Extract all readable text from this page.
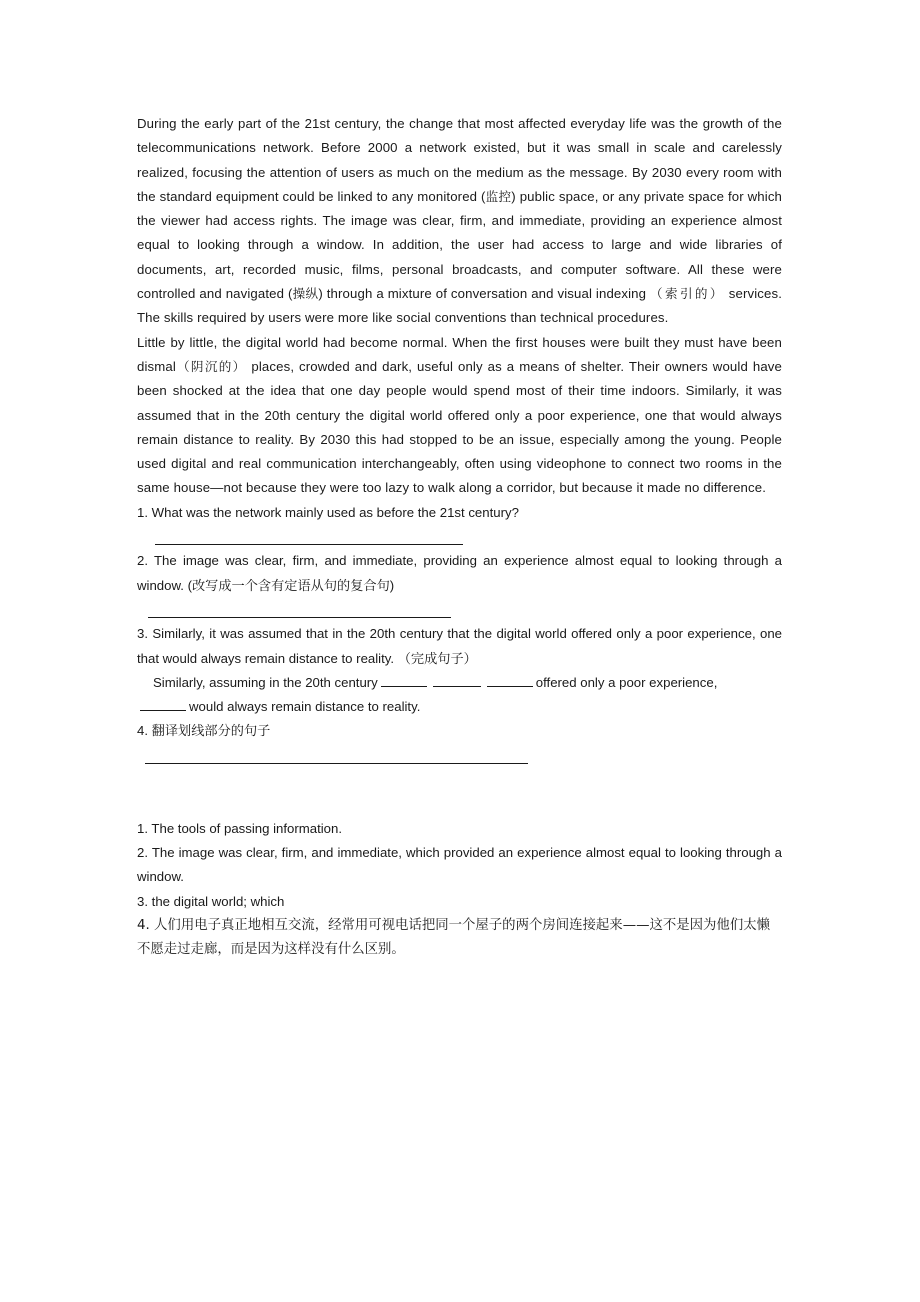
During the early part of the 21st century, the change that most affected everyday life was the growth of the telecommunications network. Before 2000 a network existed, but it was small in scale and carelessly realized, focusing the attention of users as much on the medium as the message. By 2030 every room with the standard equipment could be linked to any monitored (监控) public space, or any private space for which the viewer had access rights. The image was clear, firm, and immediate, providing an experience almost equal to looking through a window. In addition, the user had access to large and wide libraries of documents, art, recorded music, films, personal broadcasts, and computer software. All these were controlled and navigated (操纵) through a mixture of conversation and visual indexing （索引的） services. The skills required by users were more like social conventions than technical procedures.

Little by little, the digital world had become normal. When the first houses were built they must have been dismal（阴沉的） places, crowded and dark, useful only as a means of shelter. Their owners would have been shocked at the idea that one day people would spend most of their time indoors. Similarly, it was assumed that in the 20th century the digital world offered only a poor experience, one that would always remain distance to reality. By 2030 this had stopped to be an issue, especially among the young. People used digital and real communication interchangeably, often using videophone to connect two rooms in the same house—not because they were too lazy to walk along a corridor, but because it made no difference.

1. What was the network mainly used as before the 21st century?

2. The image was clear, firm, and immediate, providing an experience almost equal to looking through a window. (改写成一个含有定语从句的复合句)

3. Similarly, it was assumed that in the 20th century that the digital world offered only a poor experience, one that would always remain distance to reality. （完成句子）

Similarly, assuming in the 20th century	offered only a poor experience,

would always remain distance to reality.

4. 翻译划线部分的句子

1. The tools of passing information.

2. The image was clear, firm, and immediate, which provided an experience almost equal to looking through a window.

3. the digital world; which

4. 人们用电子真正地相互交流，经常用可视电话把同一个屋子的两个房间连接起来——这不是因为他们太懒不愿走过走廊，而是因为这样没有什么区别。
